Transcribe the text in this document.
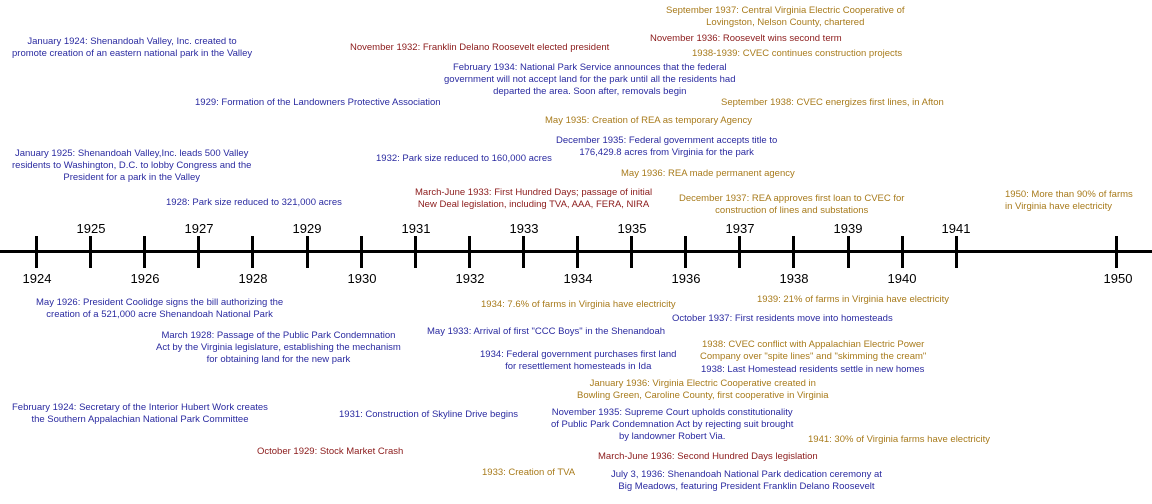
1925	1927	1929	1931	1933	1935	1937	1939	1941
1924	1926	1928	1930	1932	1934	1936	1938	1940	1950
September 1937: Central Virginia Electric Cooperative of
Lovingston, Nelson County, chartered
January 1924: Shenandoah Valley, Inc. created to
promote creation of an eastern national park in the Valley
November 1932: Franklin Delano Roosevelt elected president
November 1936: Roosevelt wins second term
1938-1939: CVEC continues construction projects
February 1934: National Park Service announces that the federal
government will not accept land for the park until all the residents had
departed the area. Soon after, removals begin
1929: Formation of the Landowners Protective Association	September 1938: CVEC energizes first lines, in Afton
May 1935: Creation of REA as temporary Agency
December 1935: Federal government accepts title to
176,429.8 acres from Virginia for the park
January 1925: Shenandoah Valley,Inc. leads 500 Valley
residents to Washington, D.C. to lobby Congress and the
President for a park in the Valley
1932: Park size reduced to 160,000 acres
May 1936: REA made permanent agency
March-June 1933: First Hundred Days; passage of initial
New Deal legislation, including TVA, AAA, FERA, NIRA
December 1937: REA approves first loan to CVEC for
construction of lines and substations
1950: More than 90% of farms
in Virginia have electricity
1928: Park size reduced to 321,000 acres
1934: 7.6% of farms in Virginia have electricity	1939: 21% of farms in Virginia have electricity
May 1926: President Coolidge signs the bill authorizing the
creation of a 521,000 acre Shenandoah National Park	October 1937: First residents move into homesteads
March 1928: Passage of the Public Park Condemnation
Act by the Virginia legislature, establishing the mechanism
for obtaining land for the new park
May 1933: Arrival of first "CCC Boys" in the Shenandoah
1938: CVEC conflict with Appalachian Electric Power
Company over "spite lines" and "skimming the cream"
1934: Federal government purchases first land
for resettlement homesteads in Ida	1938: Last Homestead residents settle in new homes
January 1936: Virginia Electric Cooperative created in
Bowling Green, Caroline County, first cooperative in Virginia
February 1924: Secretary of the Interior Hubert Work creates
the Southern Appalachian National Park Committee	1931: Construction of Skyline Drive begins	November 1935: Supreme Court upholds constitutionality
of Public Park Condemnation Act by rejecting suit brought
by landowner Robert Via.	1941: 30% of Virginia farms have electricity
October 1929: Stock Market Crash	March-June 1936: Second Hundred Days legislation
1933: Creation of TVA	July 3, 1936: Shenandoah National Park dedication ceremony at
Big Meadows, featuring President Franklin Delano Roosevelt
